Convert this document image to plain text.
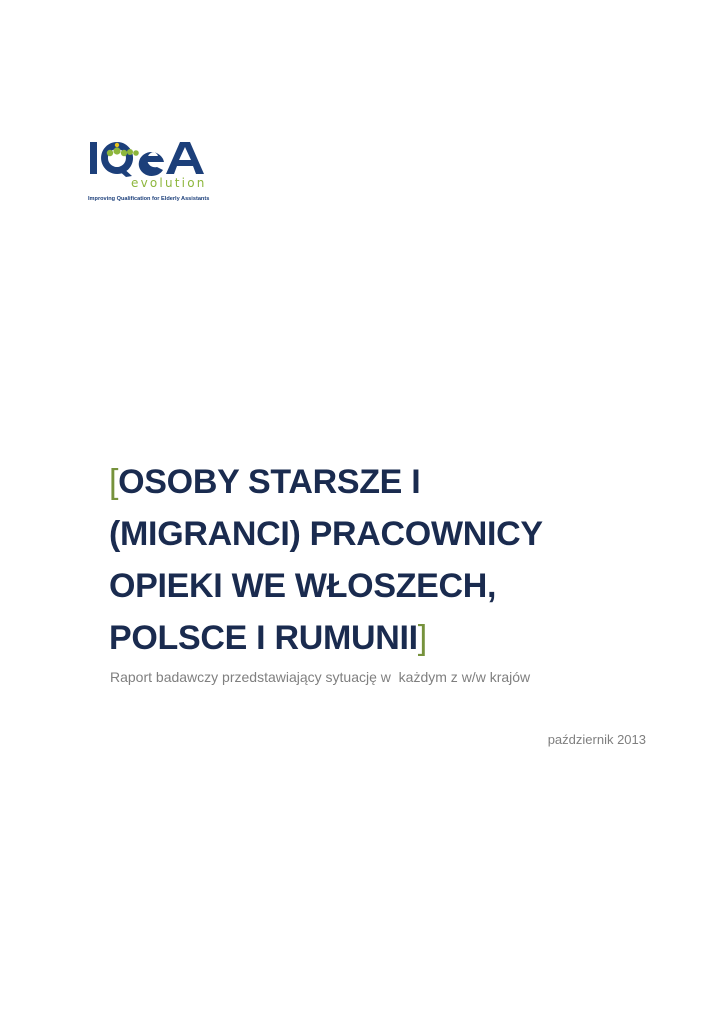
evolution
Improving Qualification for Elderly Assistants
[OSOBY STARSZE I
(MIGRANCI) PRACOWNICY
OPIEKI WE WŁOSZECH,
POLSCE I RUMUNII]
Raport badawczy przedstawiający sytuację w  każdym z w/w krajów
październik 2013
